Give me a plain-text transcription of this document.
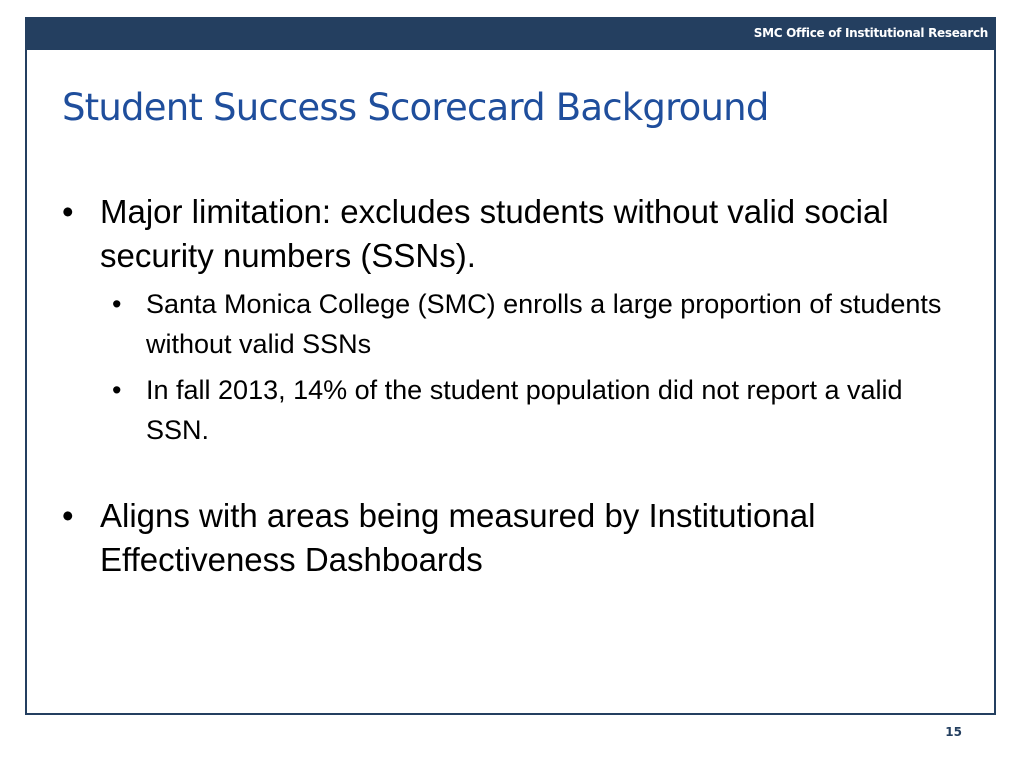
SMC Office of Institutional Research
Student Success Scorecard Background
• Major limitation: excludes students without valid social security numbers (SSNs).
• Santa Monica College (SMC) enrolls a large proportion of students without valid SSNs
• In fall 2013, 14% of the student population did not report a valid SSN.
• Aligns with areas being measured by Institutional Effectiveness Dashboards
15
